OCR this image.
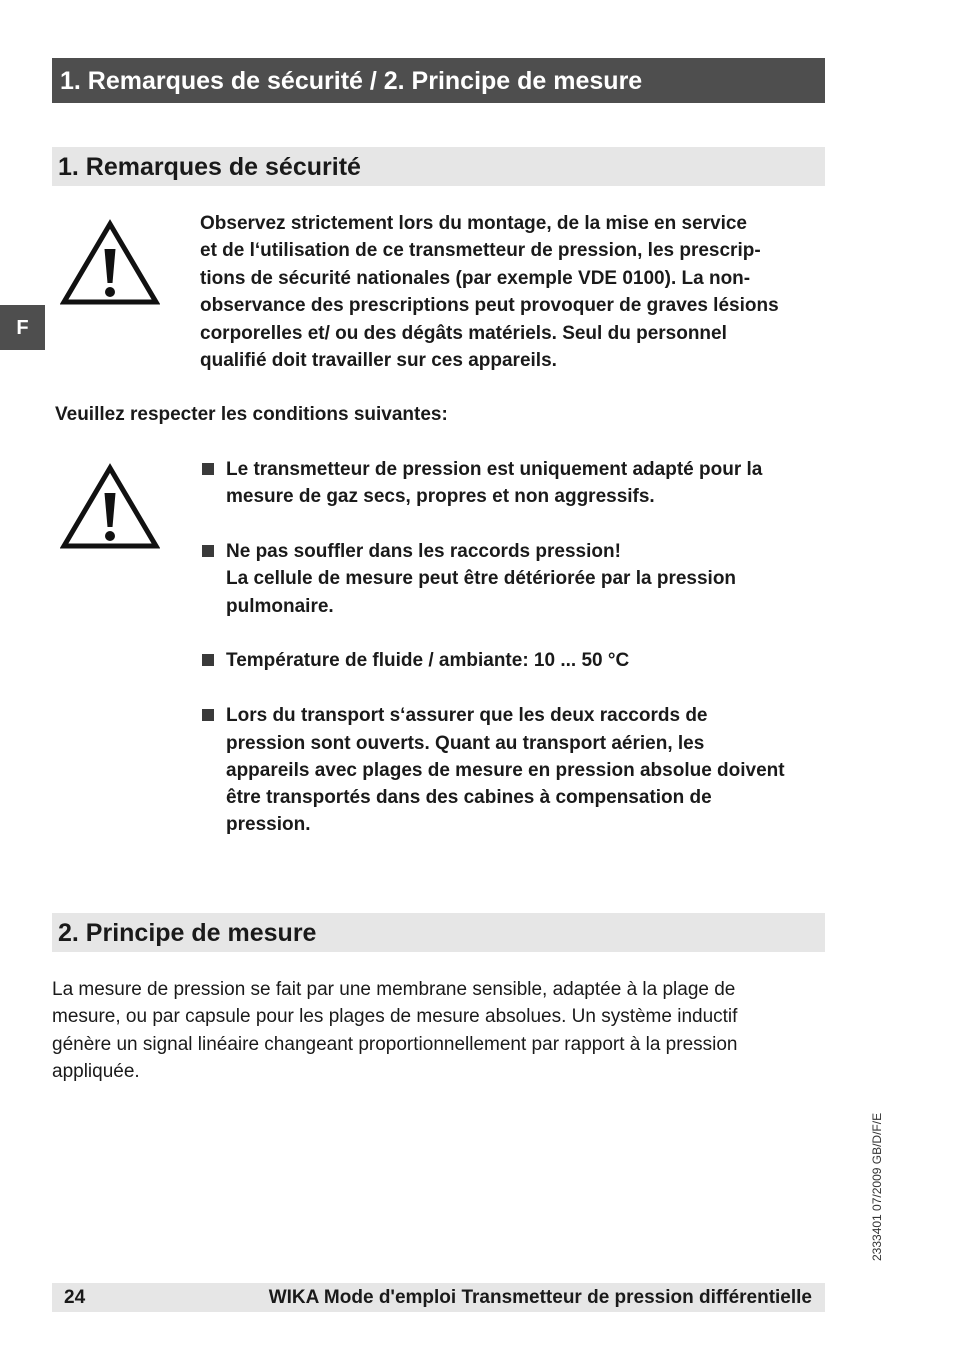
1. Remarques de sécurité / 2. Principe de mesure
F
1. Remarques de sécurité
Observez strictement lors du montage, de la mise en service
et de l‘utilisation de ce transmetteur de pression, les prescrip-
tions de sécurité nationales (par exemple VDE 0100). La non-
observance des prescriptions peut provoquer de graves lésions
corporelles et/ ou des dégâts matériels. Seul du personnel
qualifié doit travailler sur ces appareils.
Veuillez respecter les conditions suivantes:
Le transmetteur de pression est uniquement adapté pour la
mesure de gaz secs, propres et non aggressifs.
Ne pas souffler dans les raccords pression!
La cellule de mesure peut être détériorée par la pression
pulmonaire.
Température de fluide / ambiante: 10 ... 50 °C
Lors du transport s‘assurer que les deux raccords de
pression sont ouverts. Quant au transport aérien, les
appareils avec plages de mesure en pression absolue doivent
être transportés dans des cabines à compensation de
pression.
2. Principe de mesure
La mesure de pression se fait par une membrane sensible, adaptée à la plage de
mesure, ou par capsule pour les plages de mesure absolues. Un système inductif
génère un signal linéaire changeant proportionnellement par rapport à la pression
appliquée.
2333401 07/2009 GB/D/F/E
24	WIKA Mode d'emploi Transmetteur de pression différentielle
